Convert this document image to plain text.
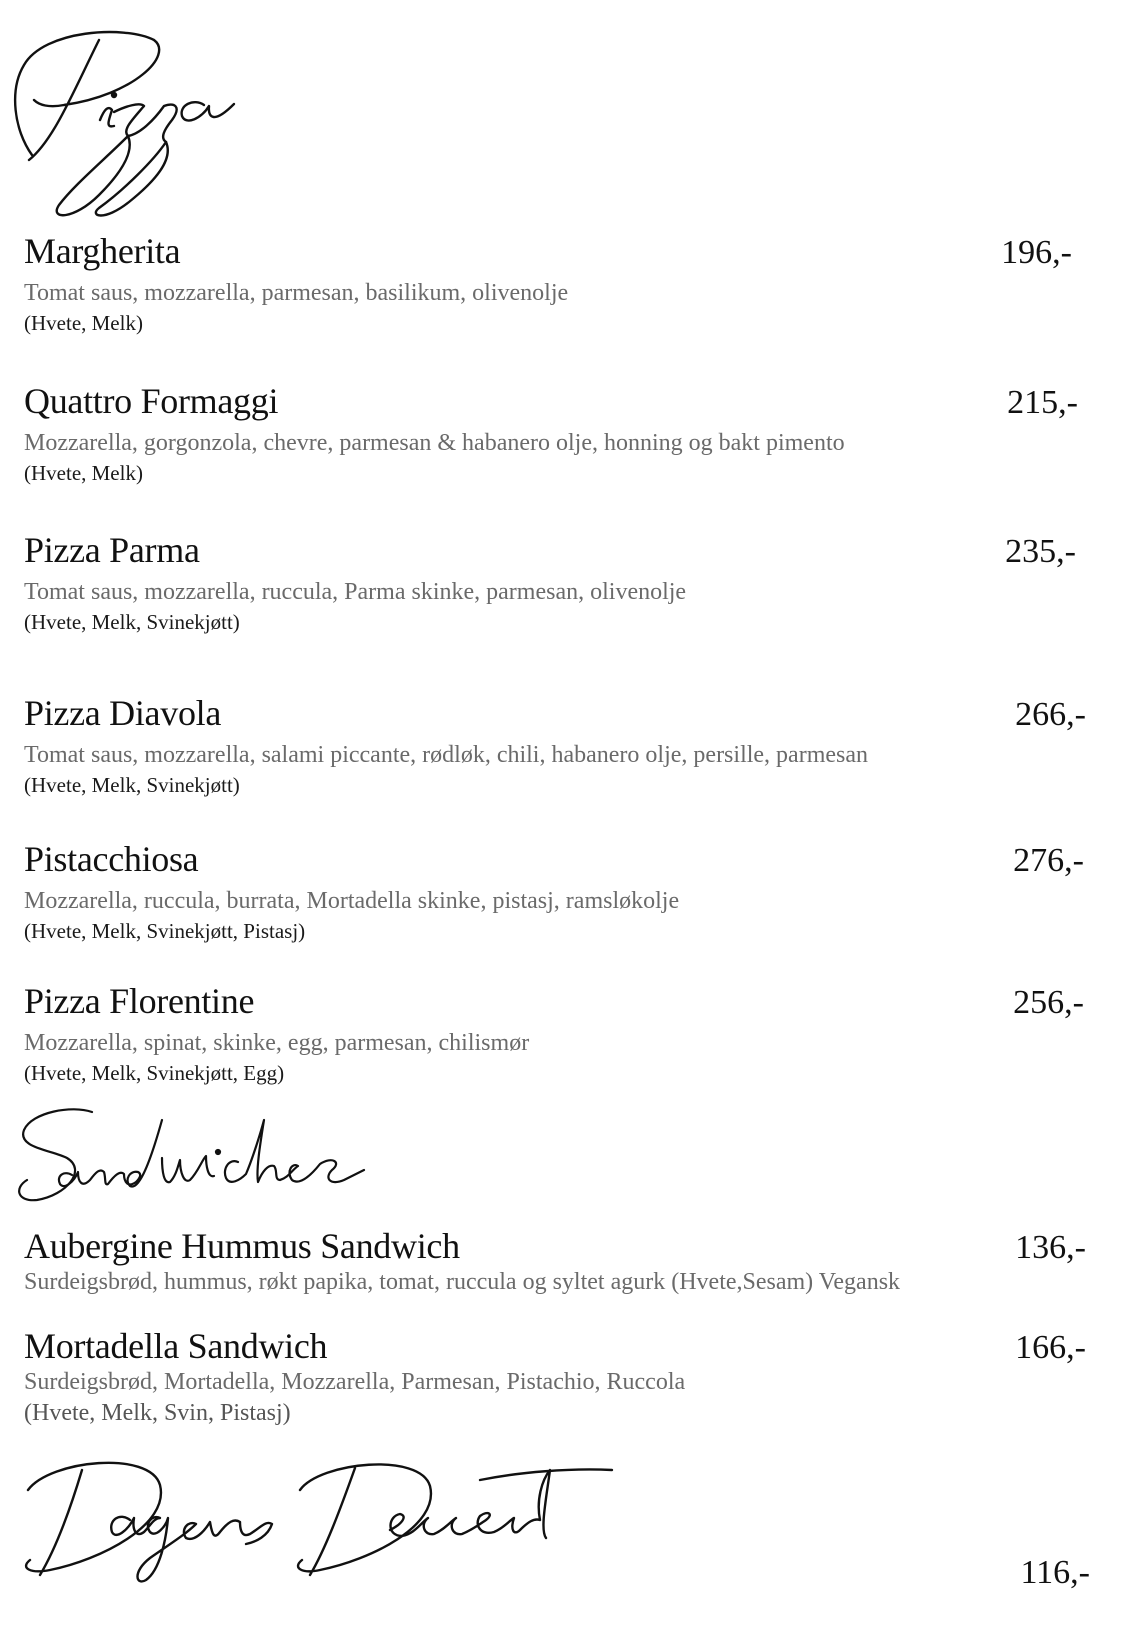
Margherita	196,-
Tomat saus, mozzarella, parmesan, basilikum, olivenolje
(Hvete, Melk)
Quattro Formaggi	215,-
Mozzarella, gorgonzola, chevre, parmesan & habanero olje, honning og bakt pimento
(Hvete, Melk)
Pizza Parma	235,-
Tomat saus, mozzarella, ruccula, Parma skinke, parmesan, olivenolje
(Hvete, Melk, Svinekjøtt)
Pizza Diavola	266,-
Tomat saus, mozzarella, salami piccante, rødløk, chili, habanero olje, persille, parmesan
(Hvete, Melk, Svinekjøtt)
Pistacchiosa	276,-
Mozzarella, ruccula, burrata, Mortadella skinke, pistasj, ramsløkolje
(Hvete, Melk, Svinekjøtt, Pistasj)
Pizza Florentine	256,-
Mozzarella, spinat, skinke, egg, parmesan, chilismør
(Hvete, Melk, Svinekjøtt, Egg)
Aubergine Hummus Sandwich	136,-
Surdeigsbrød, hummus, røkt papika, tomat, ruccula og syltet agurk (Hvete,Sesam) Vegansk
Mortadella Sandwich	166,-
Surdeigsbrød, Mortadella, Mozzarella, Parmesan, Pistachio, Ruccola
(Hvete, Melk, Svin, Pistasj)
116,-
